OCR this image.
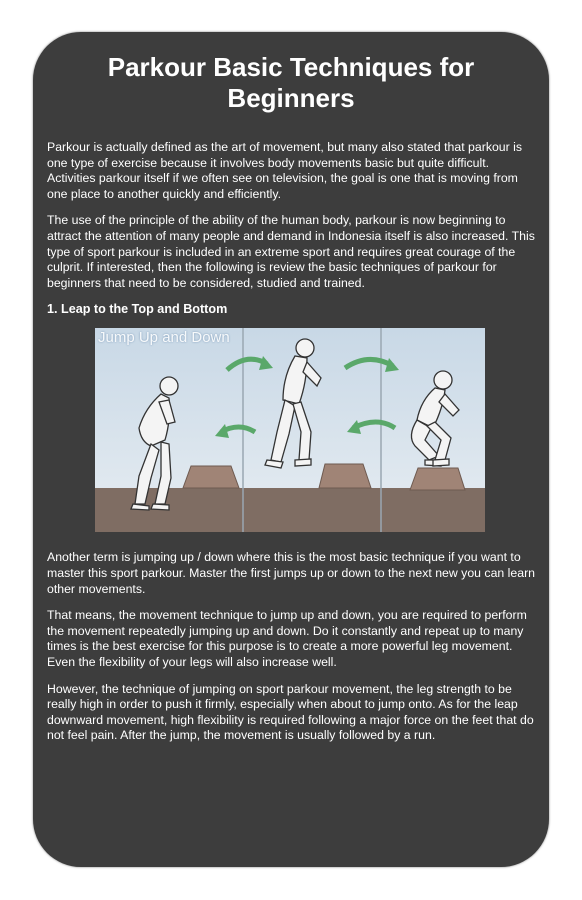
Parkour Basic Techniques for Beginners

Parkour is actually defined as the art of movement, but many also stated that parkour is one type of exercise because it involves body movements basic but quite difficult. Activities parkour itself if we often see on television, the goal is one that is moving from one place to another quickly and efficiently.

The use of the principle of the ability of the human body, parkour is now beginning to attract the attention of many people and demand in Indonesia itself is also increased. This type of sport parkour is included in an extreme sport and requires great courage of the culprit. If interested, then the following is review the basic techniques of parkour for beginners that need to be considered, studied and trained.

1. Leap to the Top and Bottom
Jump Up and Down

Another term is jumping up / down where this is the most basic technique if you want to master this sport parkour. Master the first jumps up or down to the next new you can learn other movements.

That means, the movement technique to jump up and down, you are required to perform the movement repeatedly jumping up and down. Do it constantly and repeat up to many times is the best exercise for this purpose is to create a more powerful leg movement. Even the flexibility of your legs will also increase well.

However, the technique of jumping on sport parkour movement, the leg strength to be really high in order to push it firmly, especially when about to jump onto. As for the leap downward movement, high flexibility is required following a major force on the feet that do not feel pain. After the jump, the movement is usually followed by a run.
